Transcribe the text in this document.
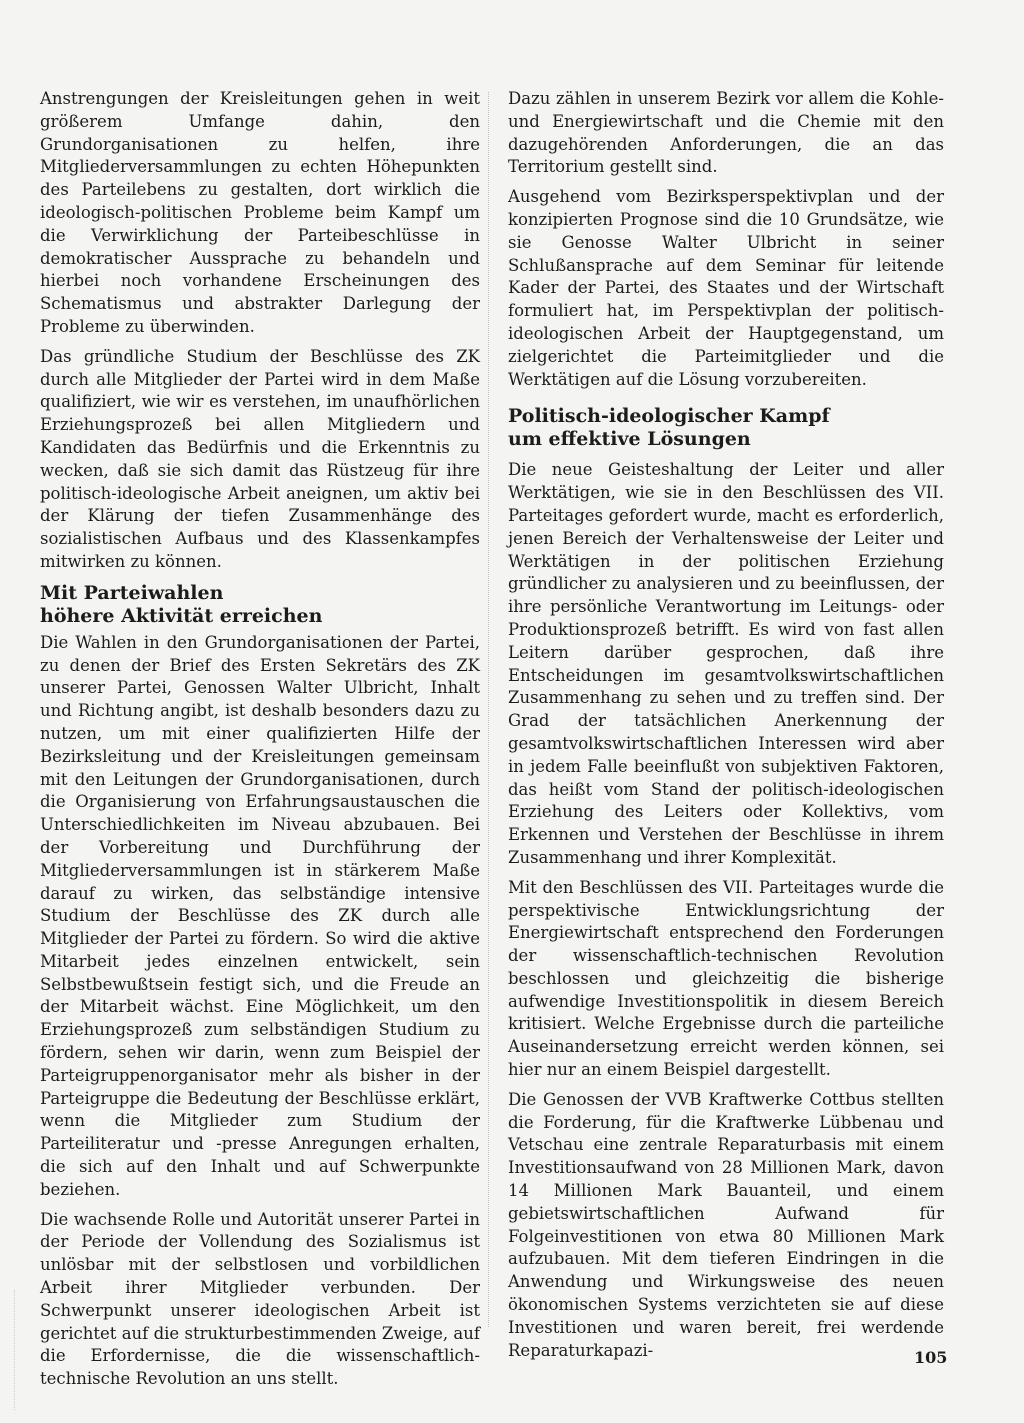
Anstrengungen der Kreisleitungen gehen in weit größerem Umfange dahin, den Grundorganisationen zu helfen, ihre Mitgliederversammlungen zu echten Höhepunkten des Parteilebens zu gestalten, dort wirklich die ideologisch-politischen Probleme beim Kampf um die Verwirklichung der Parteibeschlüsse in demokratischer Aussprache zu behandeln und hierbei noch vorhandene Erscheinungen des Schematismus und abstrakter Darlegung der Probleme zu überwinden.

Das gründliche Studium der Beschlüsse des ZK durch alle Mitglieder der Partei wird in dem Maße qualifiziert, wie wir es verstehen, im unaufhörlichen Erziehungsprozeß bei allen Mitgliedern und Kandidaten das Bedürfnis und die Erkenntnis zu wecken, daß sie sich damit das Rüstzeug für ihre politisch-ideologische Arbeit aneignen, um aktiv bei der Klärung der tiefen Zusammenhänge des sozialistischen Aufbaus und des Klassenkampfes mitwirken zu können.

Mit Parteiwahlen
höhere Aktivität erreichen

Die Wahlen in den Grundorganisationen der Partei, zu denen der Brief des Ersten Sekretärs des ZK unserer Partei, Genossen Walter Ulbricht, Inhalt und Richtung angibt, ist deshalb besonders dazu zu nutzen, um mit einer qualifizierten Hilfe der Bezirksleitung und der Kreisleitungen gemeinsam mit den Leitungen der Grundorganisationen, durch die Organisierung von Erfahrungsaustauschen die Unterschiedlichkeiten im Niveau abzubauen. Bei der Vorbereitung und Durchführung der Mitgliederversammlungen ist in stärkerem Maße darauf zu wirken, das selbständige intensive Studium der Beschlüsse des ZK durch alle Mitglieder der Partei zu fördern. So wird die aktive Mitarbeit jedes einzelnen entwickelt, sein Selbstbewußtsein festigt sich, und die Freude an der Mitarbeit wächst. Eine Möglichkeit, um den Erziehungsprozeß zum selbständigen Studium zu fördern, sehen wir darin, wenn zum Beispiel der Parteigruppenorganisator mehr als bisher in der Parteigruppe die Bedeutung der Beschlüsse erklärt, wenn die Mitglieder zum Studium der Parteiliteratur und -presse Anregungen erhalten, die sich auf den Inhalt und auf Schwerpunkte beziehen.

Die wachsende Rolle und Autorität unserer Partei in der Periode der Vollendung des Sozialismus ist unlösbar mit der selbstlosen und vorbildlichen Arbeit ihrer Mitglieder verbunden. Der Schwerpunkt unserer ideologischen Arbeit ist gerichtet auf die strukturbestimmenden Zweige, auf die Erfordernisse, die die wissenschaftlich-technische Revolution an uns stellt.

Dazu zählen in unserem Bezirk vor allem die Kohle- und Energiewirtschaft und die Chemie mit den dazugehörenden Anforderungen, die an das Territorium gestellt sind.

Ausgehend vom Bezirksperspektivplan und der konzipierten Prognose sind die 10 Grundsätze, wie sie Genosse Walter Ulbricht in seiner Schlußansprache auf dem Seminar für leitende Kader der Partei, des Staates und der Wirtschaft formuliert hat, im Perspektivplan der politisch-ideologischen Arbeit der Hauptgegenstand, um zielgerichtet die Parteimitglieder und die Werktätigen auf die Lösung vorzubereiten.

Politisch-ideologischer Kampf
um effektive Lösungen

Die neue Geisteshaltung der Leiter und aller Werktätigen, wie sie in den Beschlüssen des VII. Parteitages gefordert wurde, macht es erforderlich, jenen Bereich der Verhaltensweise der Leiter und Werktätigen in der politischen Erziehung gründlicher zu analysieren und zu beeinflussen, der ihre persönliche Verantwortung im Leitungs- oder Produktionsprozeß betrifft. Es wird von fast allen Leitern darüber gesprochen, daß ihre Entscheidungen im gesamtvolkswirtschaftlichen Zusammenhang zu sehen und zu treffen sind. Der Grad der tatsächlichen Anerkennung der gesamtvolkswirtschaftlichen Interessen wird aber in jedem Falle beeinflußt von subjektiven Faktoren, das heißt vom Stand der politisch-ideologischen Erziehung des Leiters oder Kollektivs, vom Erkennen und Verstehen der Beschlüsse in ihrem Zusammenhang und ihrer Komplexität.

Mit den Beschlüssen des VII. Parteitages wurde die perspektivische Entwicklungsrichtung der Energiewirtschaft entsprechend den Forderungen der wissenschaftlich-technischen Revolution beschlossen und gleichzeitig die bisherige aufwendige Investitionspolitik in diesem Bereich kritisiert. Welche Ergebnisse durch die parteiliche Auseinandersetzung erreicht werden können, sei hier nur an einem Beispiel dargestellt.

Die Genossen der VVB Kraftwerke Cottbus stellten die Forderung, für die Kraftwerke Lübbenau und Vetschau eine zentrale Reparaturbasis mit einem Investitionsaufwand von 28 Millionen Mark, davon 14 Millionen Mark Bauanteil, und einem gebietswirtschaftlichen Aufwand für Folgeinvestitionen von etwa 80 Millionen Mark aufzubauen. Mit dem tieferen Eindringen in die Anwendung und Wirkungsweise des neuen ökonomischen Systems verzichteten sie auf diese Investitionen und waren bereit, frei werdende Reparaturkapazi-	105
